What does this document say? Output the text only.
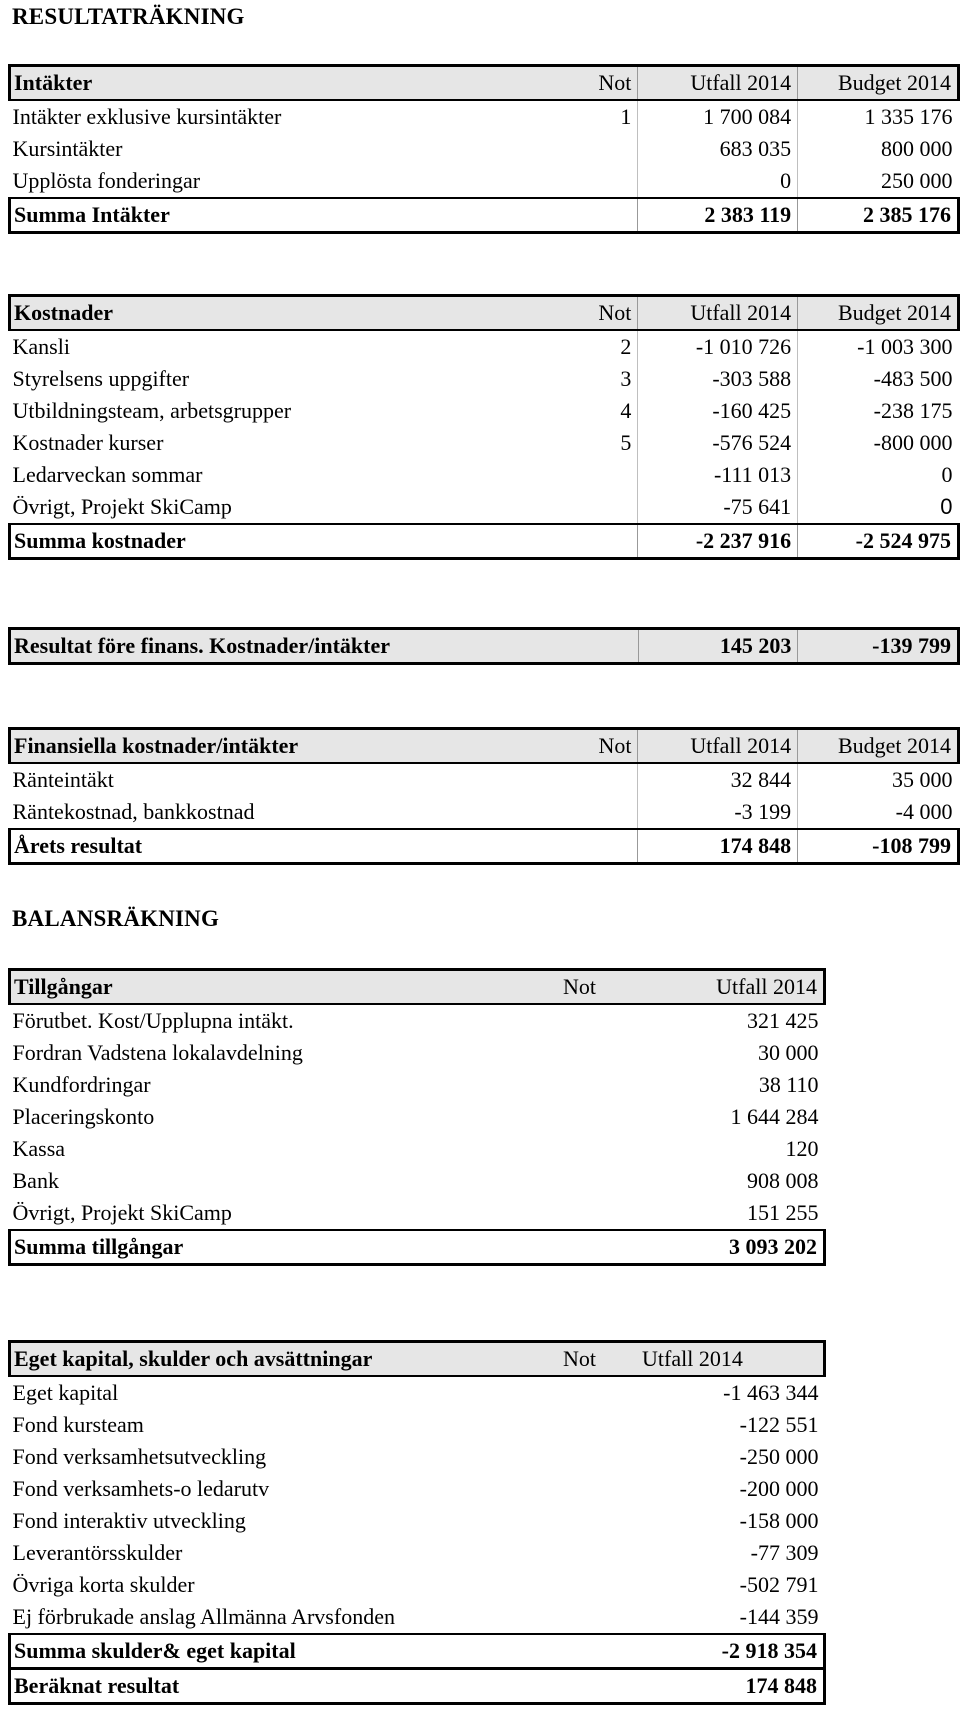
RESULTATRÄKNING
Intäkter	Not	Utfall 2014	Budget 2014
Intäkter exklusive kursintäkter	1	1 700 084	1 335 176
Kursintäkter		683 035	800 000
Upplösta fonderingar		0	250 000
Summa Intäkter		2 383 119	2 385 176
Kostnader	Not	Utfall 2014	Budget 2014
Kansli	2	-1 010 726	-1 003 300
Styrelsens uppgifter	3	-303 588	-483 500
Utbildningsteam, arbetsgrupper	4	-160 425	-238 175
Kostnader kurser	5	-576 524	-800 000
Ledarveckan sommar		-111 013	0
Övrigt, Projekt SkiCamp		-75 641	0
Summa kostnader		-2 237 916	-2 524 975
Resultat före finans. Kostnader/intäkter		145 203	-139 799
Finansiella kostnader/intäkter	Not	Utfall 2014	Budget 2014
Ränteintäkt		32 844	35 000
Räntekostnad, bankkostnad		-3 199	-4 000
Årets resultat		174 848	-108 799
BALANSRÄKNING
Tillgångar	Not	Utfall 2014
Förutbet. Kost/Upplupna intäkt.		321 425
Fordran Vadstena lokalavdelning		30 000
Kundfordringar		38 110
Placeringskonto		1 644 284
Kassa		120
Bank		908 008
Övrigt, Projekt SkiCamp		151 255
Summa tillgångar		3 093 202
Eget kapital, skulder och avsättningar	Not	Utfall 2014
Eget kapital		-1 463 344
Fond kursteam		-122 551
Fond verksamhetsutveckling		-250 000
Fond verksamhets-o ledarutv		-200 000
Fond interaktiv utveckling		-158 000
Leverantörsskulder		-77 309
Övriga korta skulder		-502 791
Ej förbrukade anslag Allmänna Arvsfonden		-144 359
Summa skulder& eget kapital		-2 918 354
Beräknat resultat		174 848
